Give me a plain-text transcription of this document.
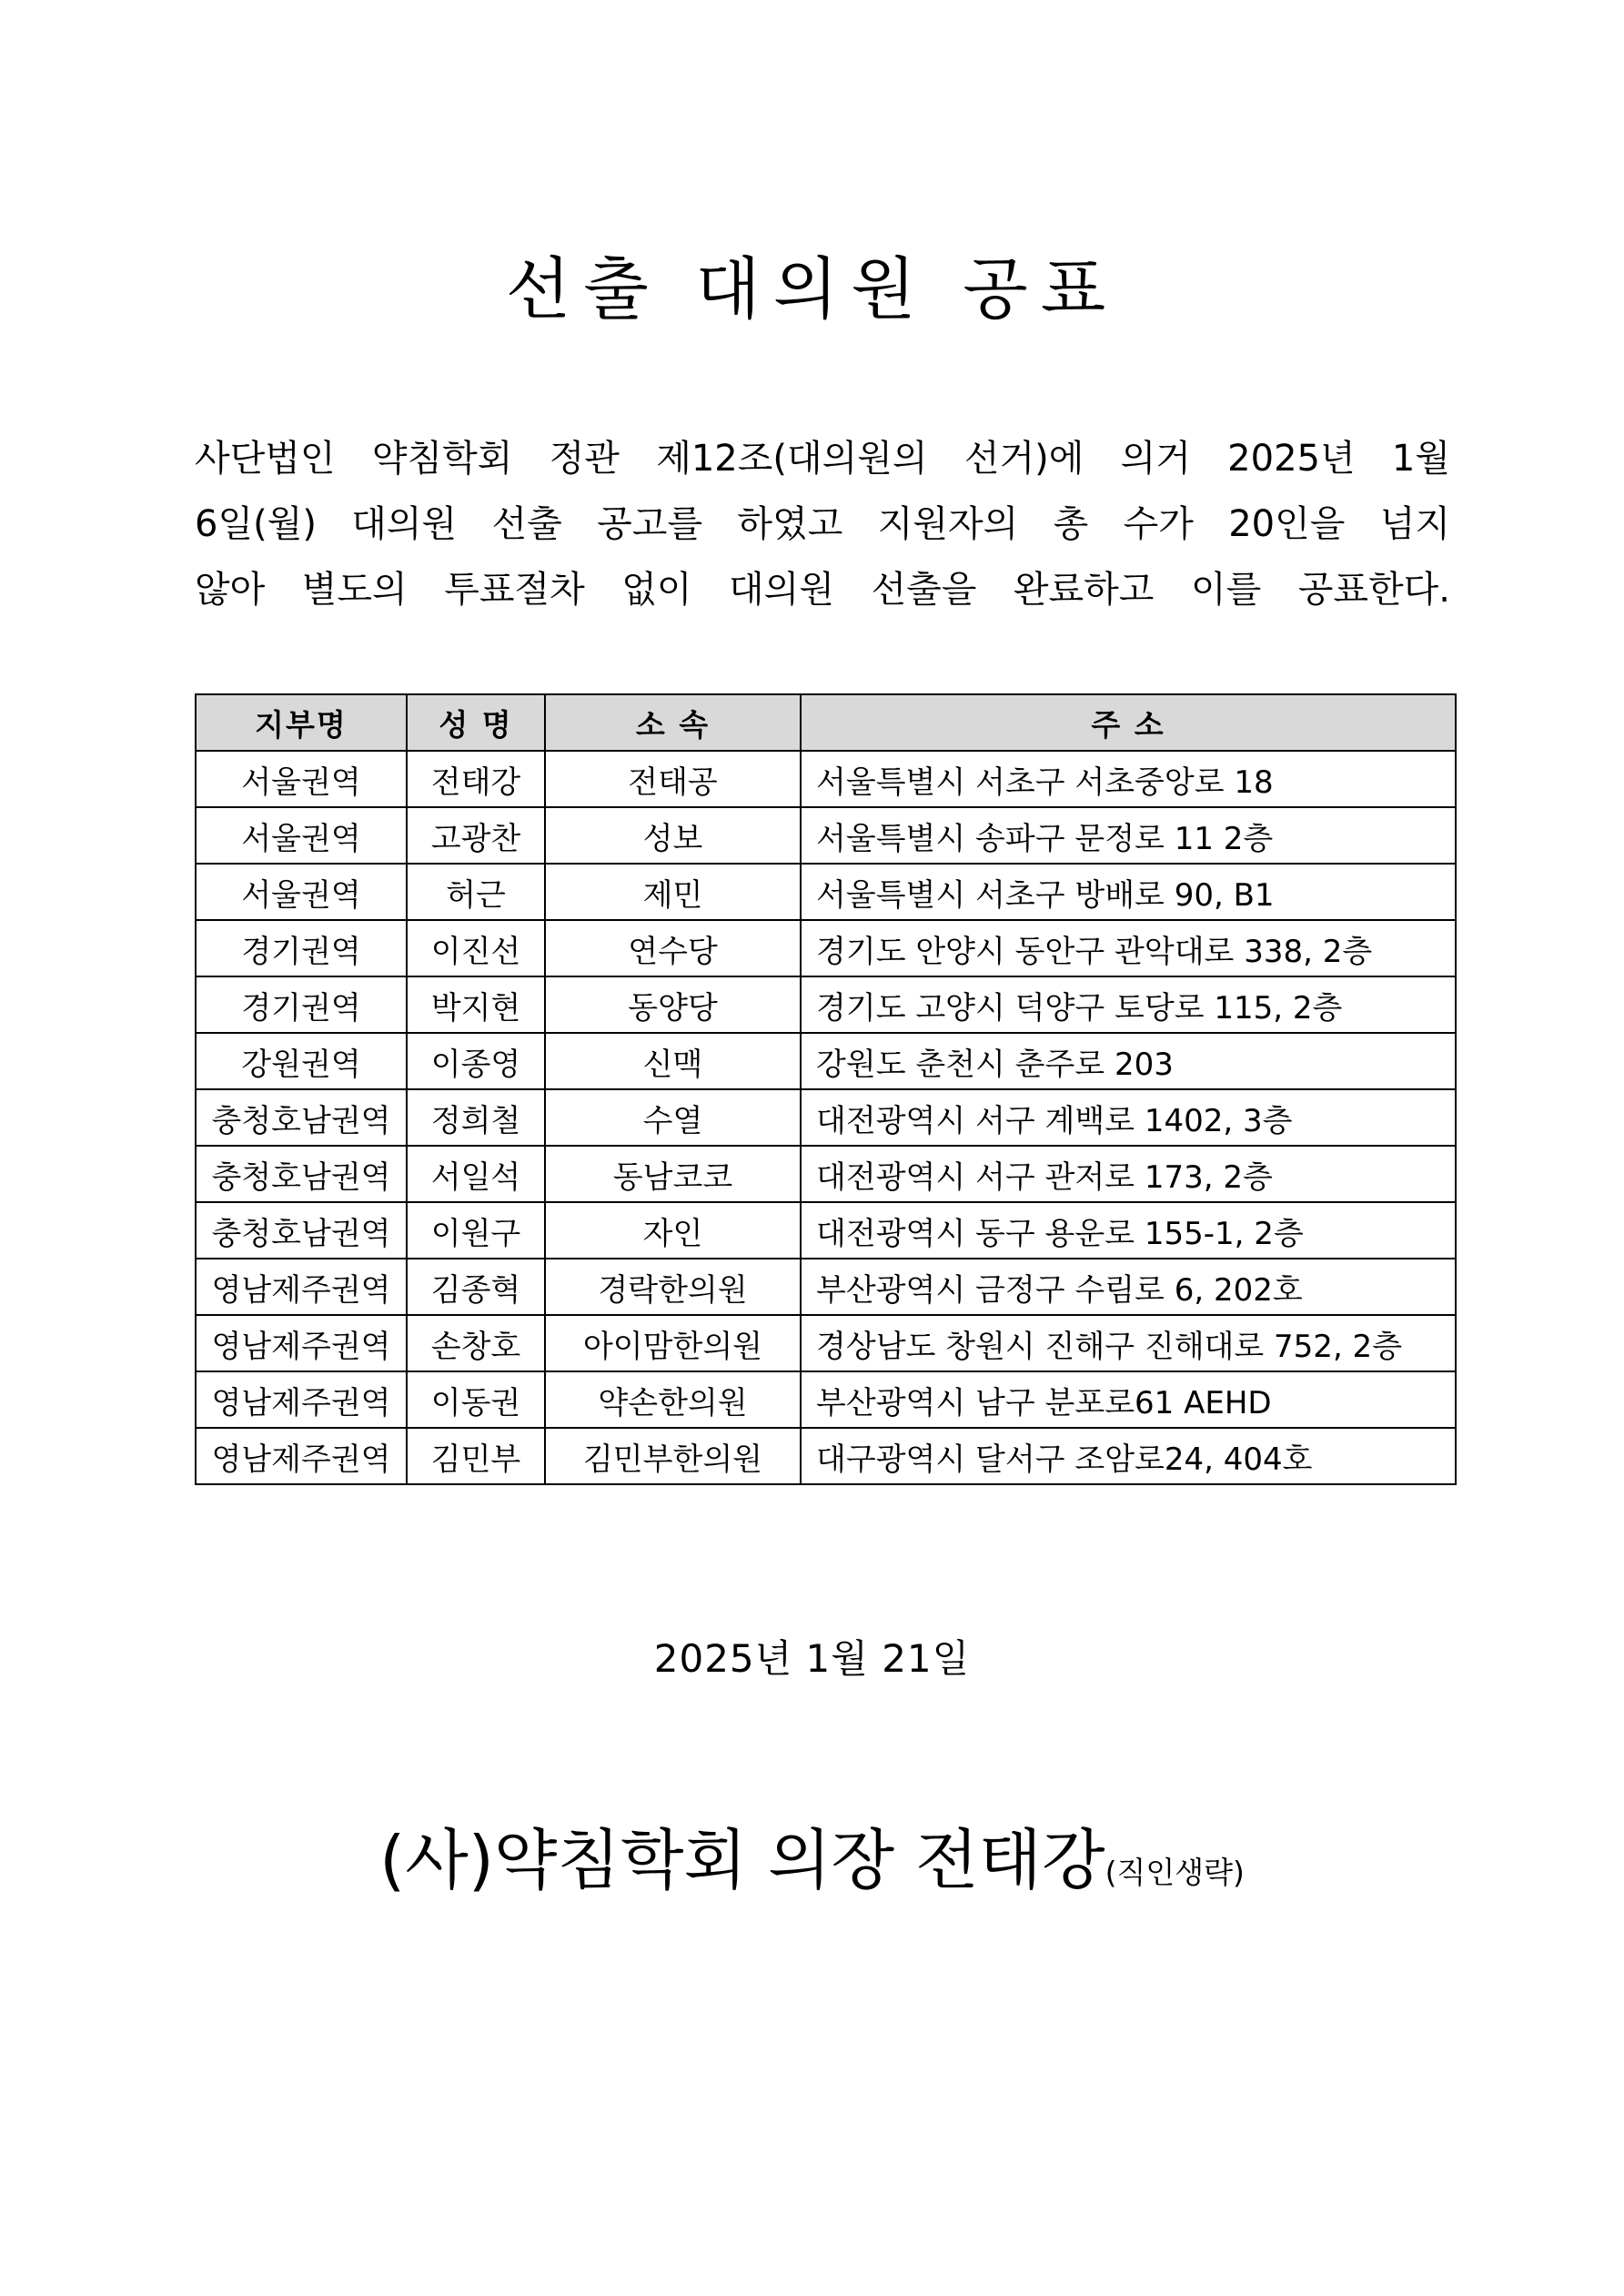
선출 대의원 공표
사단법인 약침학회 정관 제12조(대의원의 선거)에 의거 2025년 1월
6일(월) 대의원 선출 공고를 하였고 지원자의 총 수가 20인을 넘지
않아 별도의 투표절차 없이 대의원 선출을 완료하고 이를 공표한다.
지부명	성 명	소 속	주 소
서울권역	전태강	전태공	서울특별시 서초구 서초중앙로 18
서울권역	고광찬	성보	서울특별시 송파구 문정로 11 2층
서울권역	허근	제민	서울특별시 서초구 방배로 90, B1
경기권역	이진선	연수당	경기도 안양시 동안구 관악대로 338, 2층
경기권역	박지현	동양당	경기도 고양시 덕양구 토당로 115, 2층
강원권역	이종영	신맥	강원도 춘천시 춘주로 203
충청호남권역	정희철	수열	대전광역시 서구 계백로 1402, 3층
충청호남권역	서일석	동남코코	대전광역시 서구 관저로 173, 2층
충청호남권역	이원구	자인	대전광역시 동구 용운로 155-1, 2층
영남제주권역	김종혁	경락한의원	부산광역시 금정구 수림로 6, 202호
영남제주권역	손창호	아이맘한의원	경상남도 창원시 진해구 진해대로 752, 2층
영남제주권역	이동권	약손한의원	부산광역시 남구 분포로61 AEHD
영남제주권역	김민부	김민부한의원	대구광역시 달서구 조암로24, 404호
2025년 1월 21일
(사)약침학회 의장 전태강(직인생략)
